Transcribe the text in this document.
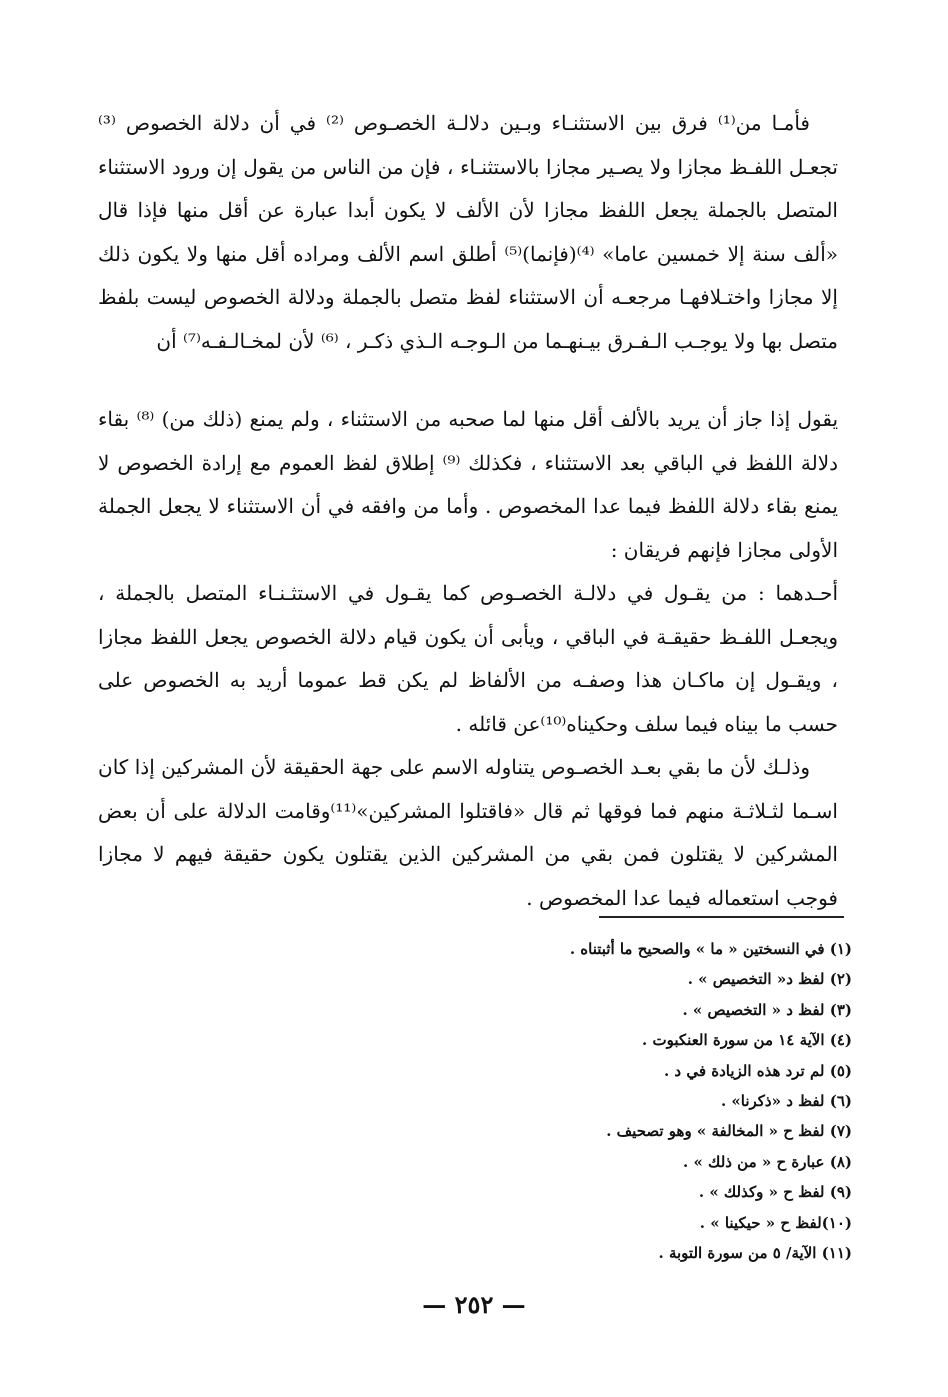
فأمـا من⁽¹⁾ فرق بين الاستثنـاء وبـين دلالـة الخصـوص ⁽²⁾ في أن دلالة الخصوص ⁽³⁾ تجعـل اللفـظ مجازا ولا يصـير مجازا بالاستثنـاء ، فإن من الناس من يقول إن ورود الاستثناء المتصل بالجملة يجعل اللفظ مجازا لأن الألف لا يكون أبدا عبارة عن أقل منها فإذا قال «ألف سنة إلا خمسين عاما» ⁽⁴⁾(فإنما)⁽⁵⁾ أطلق اسم الألف ومراده أقل منها ولا يكون ذلك إلا مجازا واختـلافهـا مرجعـه أن الاستثناء لفظ متصل بالجملة ودلالة الخصوص ليست بلفظ متصل بها ولا يوجـب الـفـرق بيـنهـما من الـوجـه الـذي ذكـر ، ⁽⁶⁾ لأن لمخـالـفـه⁽⁷⁾ أن

يقول إذا جاز أن يريد بالألف أقل منها لما صحبه من الاستثناء ، ولم يمنع (ذلك من) ⁽⁸⁾ بقاء دلالة اللفظ في الباقي بعد الاستثناء ، فكذلك ⁽⁹⁾ إطلاق لفظ العموم مع إرادة الخصوص لا يمنع بقاء دلالة اللفظ فيما عدا المخصوص . وأما من وافقه في أن الاستثناء لا يجعل الجملة الأولى مجازا فإنهم فريقان :

أحـدهما : من يقـول في دلالـة الخصـوص كما يقـول في الاستثـنـاء المتصل بالجملة ، ويجعـل اللفـظ حقيقـة في الباقي ، ويأبى أن يكون قيام دلالة الخصوص يجعل اللفظ مجازا ، ويقـول إن ماكـان هذا وصفـه من الألفاظ لم يكن قط عموما أريد به الخصوص على حسب ما بيناه فيما سلف وحكيناه⁽¹⁰⁾عن قائله .

وذلـك لأن ما بقي بعـد الخصـوص يتناوله الاسم على جهة الحقيقة لأن المشركين إذا كان اسـما لثـلاثـة منهم فما فوقها ثم قال «فاقتلوا المشركين»⁽¹¹⁾وقامت الدلالة على أن بعض المشركين لا يقتلون فمن بقي من المشركين الذين يقتلون يكون حقيقة فيهم لا مجازا فوجب استعماله فيما عدا المخصوص .

(١) في النسختين « ما » والصحيح ما أثبتناه .
(٢) لفظ د« التخصيص » .
(٣) لفظ د « التخصيص » .
(٤) الآية ١٤ من سورة العنكبوت .
(٥) لم ترد هذه الزيادة في د .
(٦) لفظ د «ذكرنا» .
(٧) لفظ ح « المخالفة » وهو تصحيف .
(٨) عبارة ح « من ذلك » .
(٩) لفظ ح « وكذلك » .
(١٠)لفظ ح « حيكينا » .
(١١) الآية/ ٥ من سورة التوبة .
— ٢٥٢ —
